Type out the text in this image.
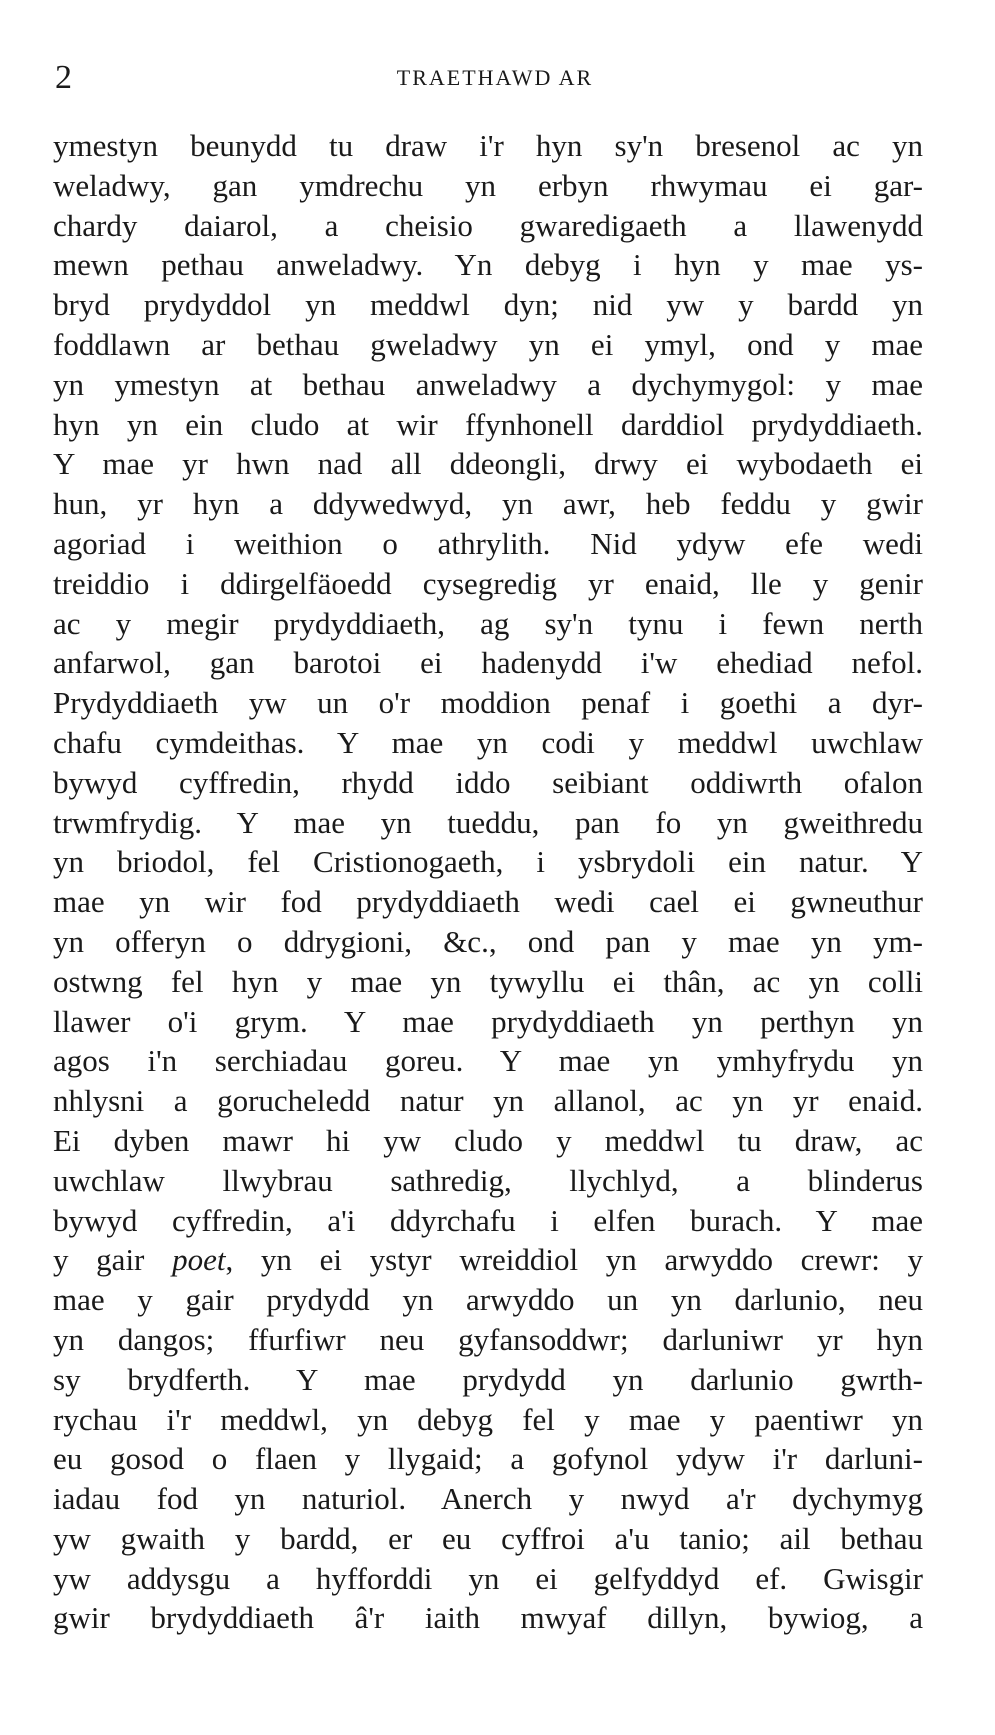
2	TRAETHAWD AR
ymestyn beunydd tu draw i'r hyn sy'n bresenol ac yn
weladwy, gan ymdrechu yn erbyn rhwymau ei gar-
chardy daiarol, a cheisio gwaredigaeth a llawenydd
mewn pethau anweladwy. Yn debyg i hyn y mae ys-
bryd prydyddol yn meddwl dyn; nid yw y bardd yn
foddlawn ar bethau gweladwy yn ei ymyl, ond y mae
yn ymestyn at bethau anweladwy a dychymygol: y mae
hyn yn ein cludo at wir ffynhonell darddiol prydyddiaeth.
Y mae yr hwn nad all ddeongli, drwy ei wybodaeth ei
hun, yr hyn a ddywedwyd, yn awr, heb feddu y gwir
agoriad i weithion o athrylith. Nid ydyw efe wedi
treiddio i ddirgelfäoedd cysegredig yr enaid, lle y genir
ac y megir prydyddiaeth, ag sy'n tynu i fewn nerth
anfarwol, gan barotoi ei hadenydd i'w ehediad nefol.
Prydyddiaeth yw un o'r moddion penaf i goethi a dyr-
chafu cymdeithas. Y mae yn codi y meddwl uwchlaw
bywyd cyffredin, rhydd iddo seibiant oddiwrth ofalon
trwmfrydig. Y mae yn tueddu, pan fo yn gweithredu
yn briodol, fel Cristionogaeth, i ysbrydoli ein natur. Y
mae yn wir fod prydyddiaeth wedi cael ei gwneuthur
yn offeryn o ddrygioni, &c., ond pan y mae yn ym-
ostwng fel hyn y mae yn tywyllu ei thân, ac yn colli
llawer o'i grym. Y mae prydyddiaeth yn perthyn yn
agos i'n serchiadau goreu. Y mae yn ymhyfrydu yn
nhlysni a gorucheledd natur yn allanol, ac yn yr enaid.
Ei dyben mawr hi yw cludo y meddwl tu draw, ac
uwchlaw llwybrau sathredig, llychlyd, a blinderus
bywyd cyffredin, a'i ddyrchafu i elfen burach. Y mae
y gair poet, yn ei ystyr wreiddiol yn arwyddo crewr: y
mae y gair prydydd yn arwyddo un yn darlunio, neu
yn dangos; ffurfiwr neu gyfansoddwr; darluniwr yr hyn
sy brydferth. Y mae prydydd yn darlunio gwrth-
rychau i'r meddwl, yn debyg fel y mae y paentiwr yn
eu gosod o flaen y llygaid; a gofynol ydyw i'r darluni-
iadau fod yn naturiol. Anerch y nwyd a'r dychymyg
yw gwaith y bardd, er eu cyffroi a'u tanio; ail bethau
yw addysgu a hyfforddi yn ei gelfyddyd ef. Gwisgir
gwir brydyddiaeth â'r iaith mwyaf dillyn, bywiog, a
